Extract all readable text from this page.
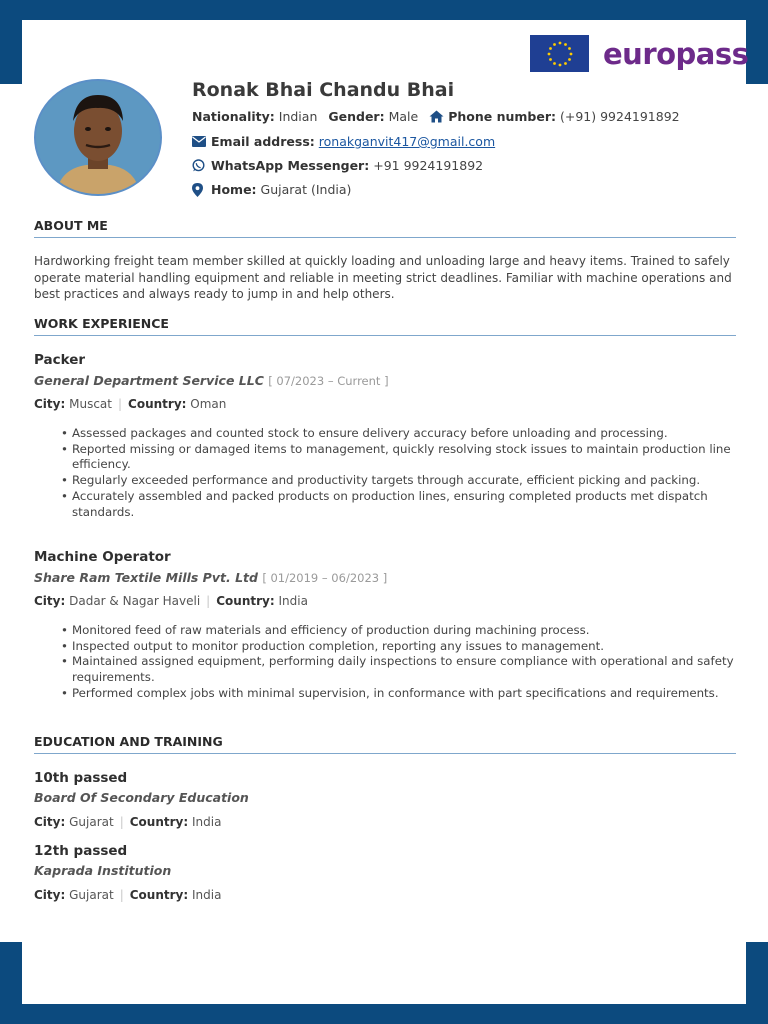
europass
Ronak Bhai Chandu Bhai
Nationality:
Indian Gender:
Male Phone number:
(+91) 9924191892
Email address:
ronakganvit417@gmail.com
WhatsApp Messenger:
+91 9924191892
Home:
Gujarat (India)
ABOUT ME
Hardworking freight team member skilled at quickly loading and unloading large and heavy items. Trained to safely operate material handling equipment and reliable in meeting strict deadlines. Familiar with machine operations and best practices and always ready to jump in and help others.
WORK EXPERIENCE
Packer
General Department Service LLC [ 07/2023 – Current ]
City: Muscat | Country: Oman
• Assessed packages and counted stock to ensure delivery accuracy before unloading and processing.
• Reported missing or damaged items to management, quickly resolving stock issues to maintain production line efficiency.
• Regularly exceeded performance and productivity targets through accurate, efficient picking and packing.
• Accurately assembled and packed products on production lines, ensuring completed products met dispatch standards.
Machine Operator
Share Ram Textile Mills Pvt. Ltd [ 01/2019 – 06/2023 ]
City: Dadar & Nagar Haveli | Country: India
• Monitored feed of raw materials and efficiency of production during machining process.
• Inspected output to monitor production completion, reporting any issues to management.
• Maintained assigned equipment, performing daily inspections to ensure compliance with operational and safety requirements.
• Performed complex jobs with minimal supervision, in conformance with part specifications and requirements.
EDUCATION AND TRAINING
10th passed
Board Of Secondary Education
City: Gujarat | Country: India
12th passed
Kaprada Institution
City: Gujarat | Country: India
